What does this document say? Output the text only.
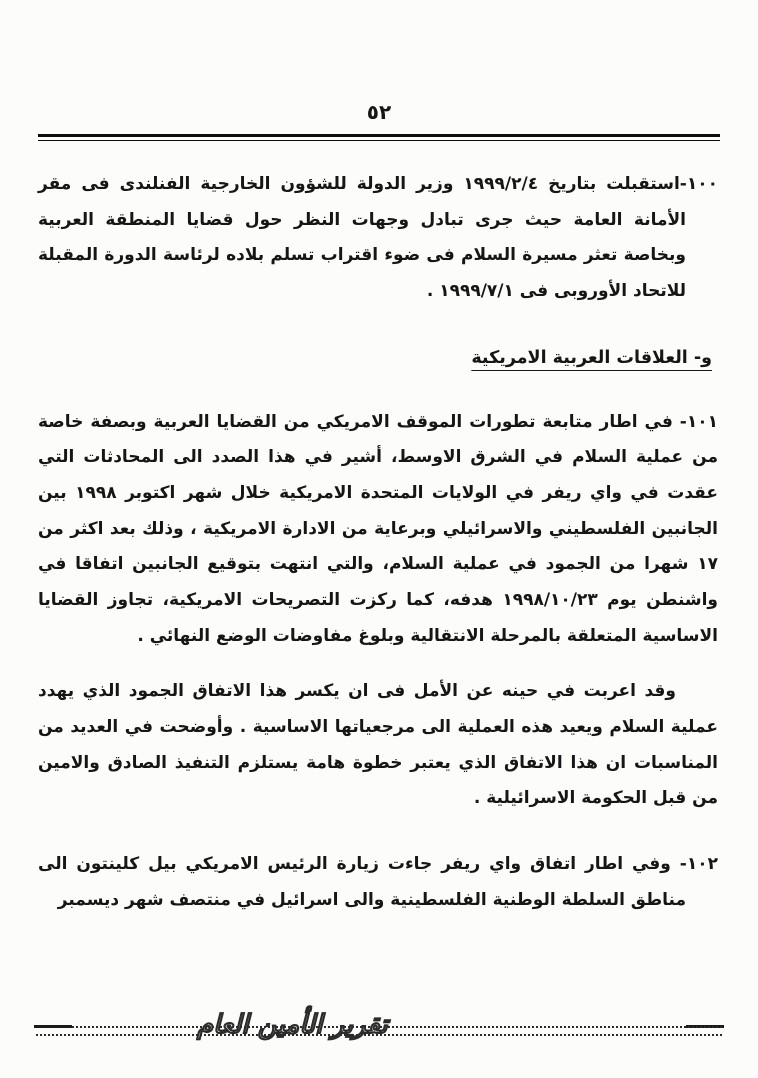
٥٢

١٠٠-استقبلت بتاريخ ١٩٩٩/٢/٤ وزير الدولة للشؤون الخارجية الفنلندى فى مقر الأمانة العامة حيث جرى تبادل وجهات النظر حول قضايا المنطقة العربية وبخاصة تعثر مسيرة السلام فى ضوء اقتراب تسلم بلاده لرئاسة الدورة المقبلة للاتحاد الأوروبى فى ١٩٩٩/٧/١ .

و- العلاقات العربية الامريكية

١٠١- في اطار متابعة تطورات الموقف الامريكي من القضايا العربية وبصفة خاصة من عملية السلام في الشرق الاوسط، أشير في هذا الصدد الى المحادثات التي عقدت في واي ريفر في الولايات المتحدة الامريكية خلال شهر اكتوبر ١٩٩٨ بين الجانبين الفلسطيني والاسرائيلي وبرعاية من الادارة الامريكية ، وذلك بعد اكثر من ١٧ شهرا من الجمود في عملية السلام، والتي انتهت بتوقيع الجانبين اتفاقا في واشنطن يوم ١٩٩٨/١٠/٢٣ هدفه، كما ركزت التصريحات الامريكية، تجاوز القضايا الاساسية المتعلقة بالمرحلة الانتقالية وبلوغ مفاوضات الوضع النهائي .

وقد اعربت في حينه عن الأمل فى ان يكسر هذا الاتفاق الجمود الذي يهدد عملية السلام ويعيد هذه العملية الى مرجعياتها الاساسية . وأوضحت في العديد من المناسبات ان هذا الاتفاق الذي يعتبر خطوة هامة يستلزم التنفيذ الصادق والامين من قبل الحكومة الاسرائيلية .

١٠٢- وفي اطار اتفاق واي ريفر جاءت زيارة الرئيس الامريكي بيل كلينتون الى مناطق السلطة الوطنية الفلسطينية والى اسرائيل في منتصف شهر ديسمبر

تقرير الأمين العام
